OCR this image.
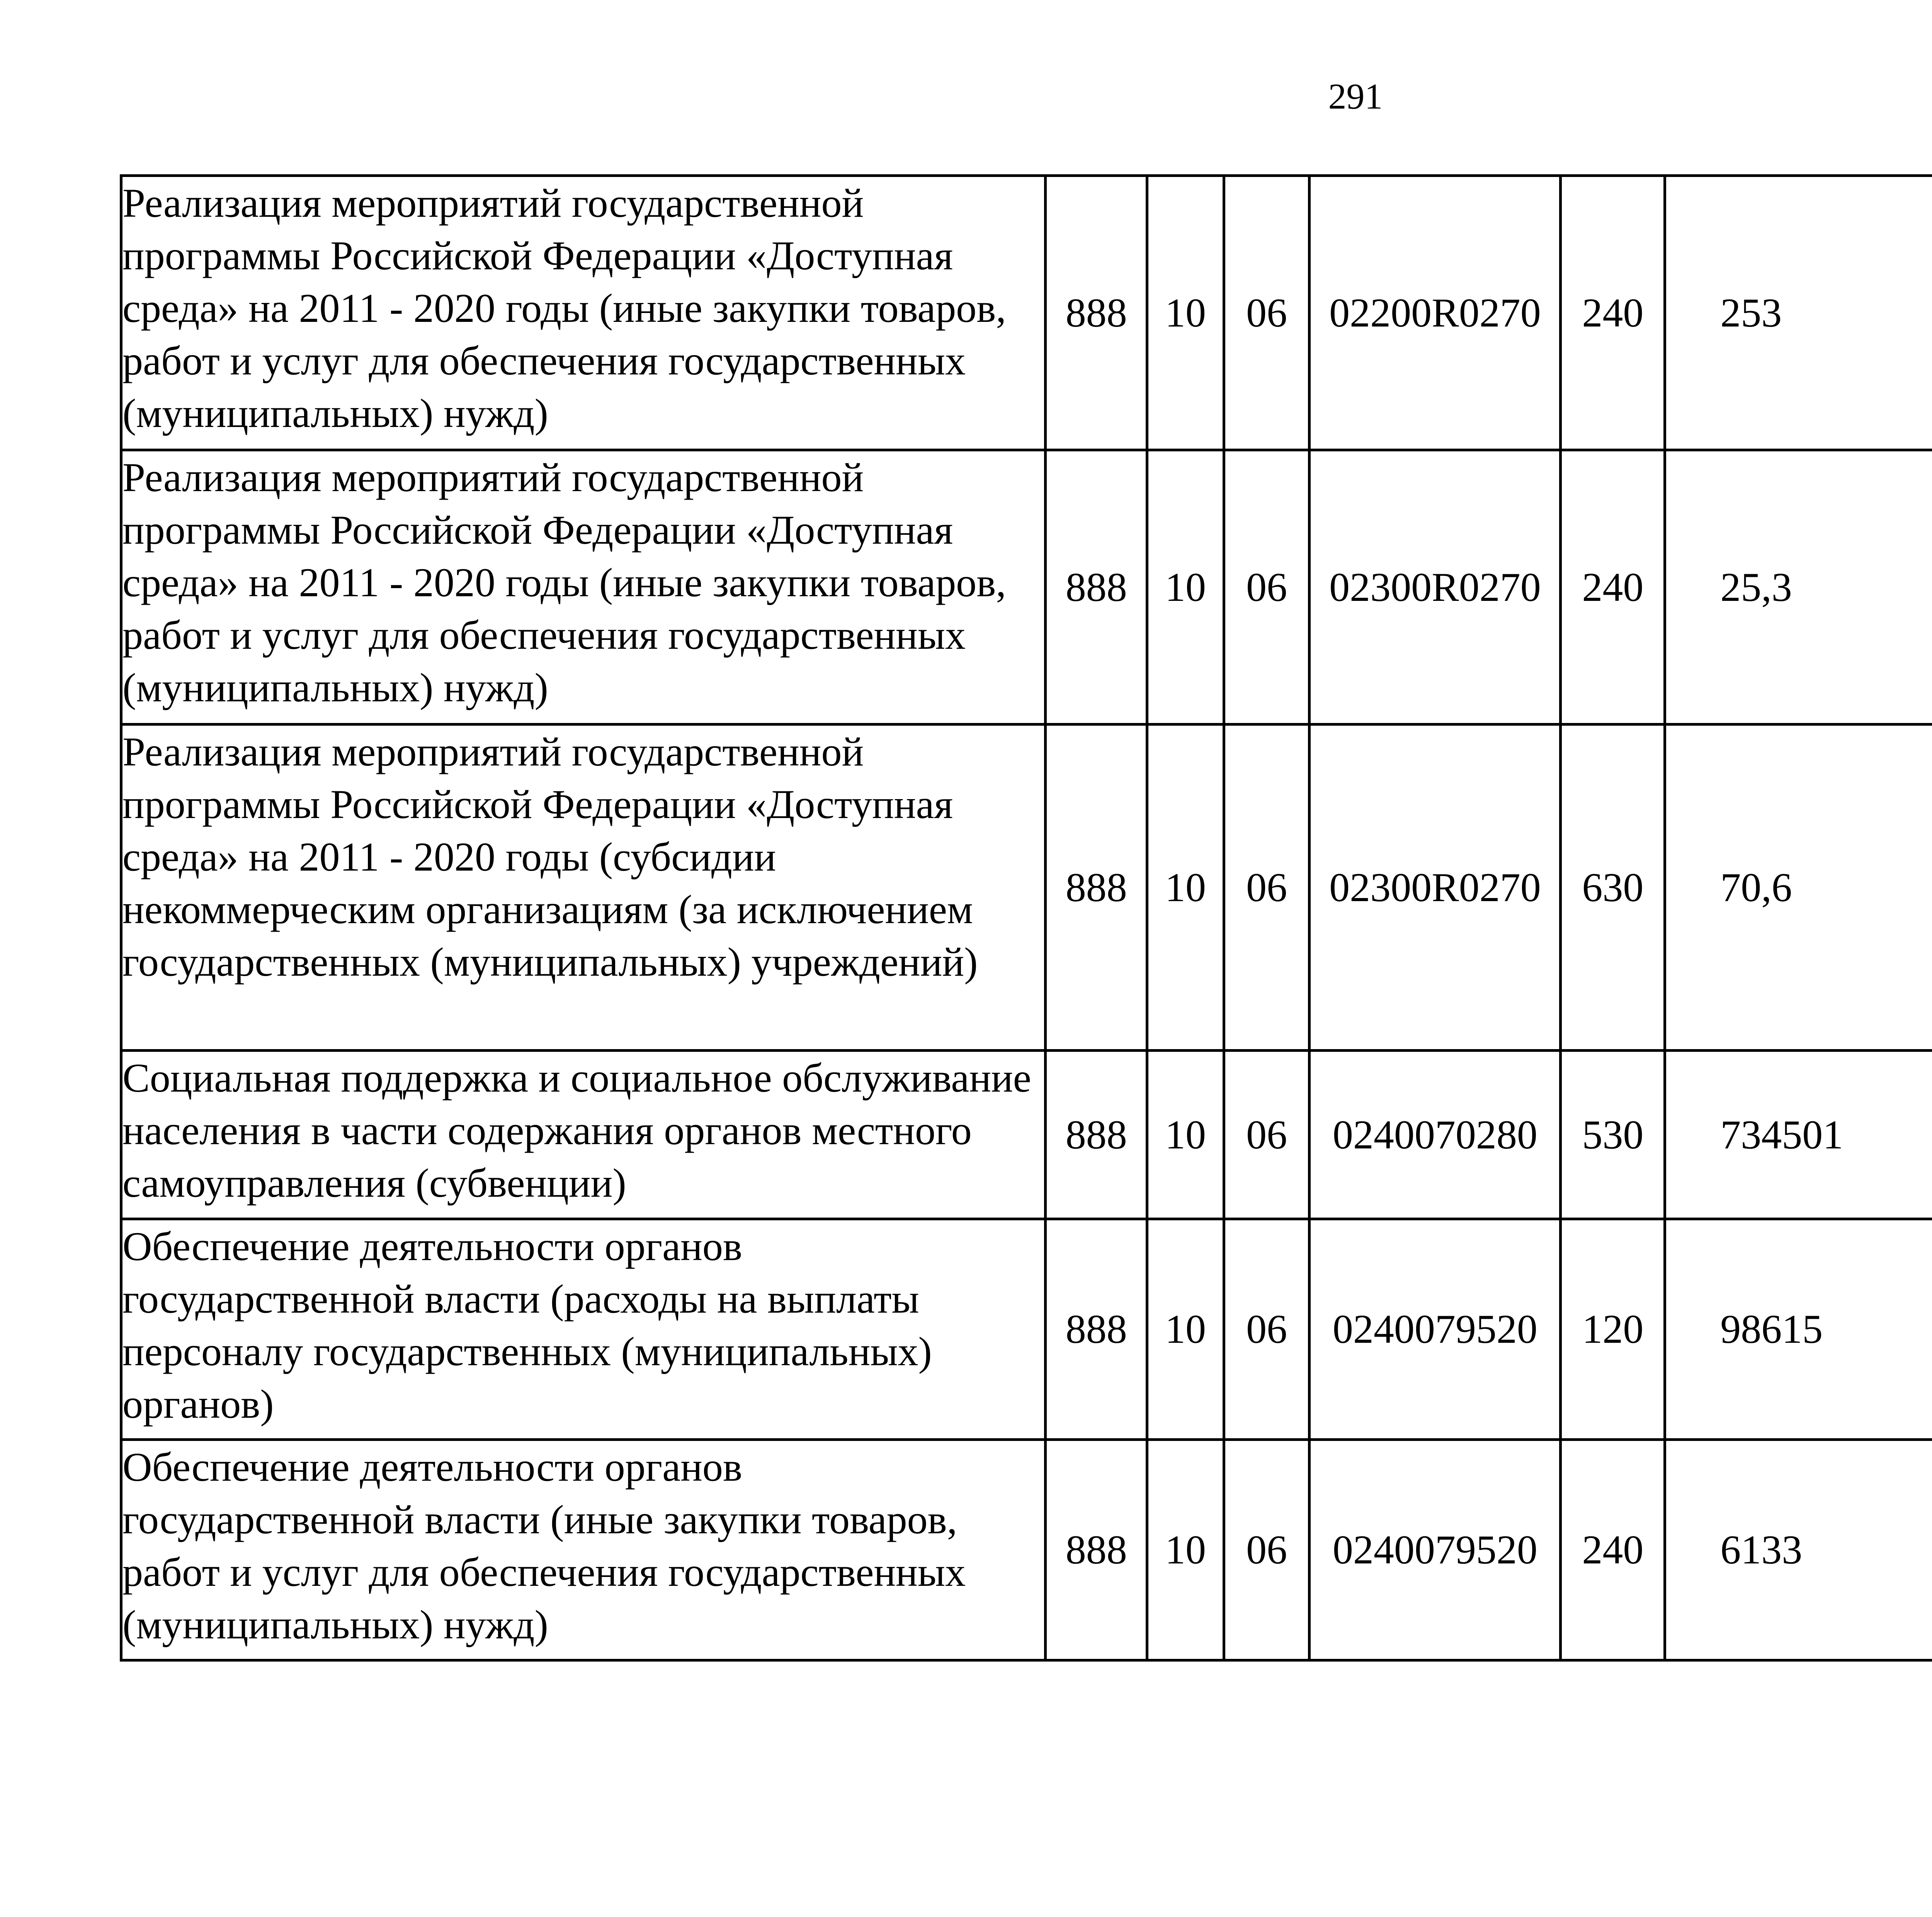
291
Реализация мероприятий государственной программы Российской Федерации «Доступная среда» на 2011 - 2020 годы (иные закупки товаров, работ и услуг для обеспечения государственных (муниципальных) нужд)	888	10	06	02200R0270	240	253		

Реализация мероприятий государственной программы Российской Федерации «Доступная среда» на 2011 - 2020 годы (иные закупки товаров, работ и услуг для обеспечения государственных (муниципальных) нужд)	888	10	06	02300R0270	240	25,3		

Реализация мероприятий государственной программы Российской Федерации «Доступная среда» на 2011 - 2020 годы (субсидии некоммерческим организациям (за исключением государственных (муниципальных) учреждений)	888	10	06	02300R0270	630	70,6		

Социальная поддержка и социальное обслуживание населения в части содержания органов местного самоуправления (субвенции)	888	10	06	0240070280	530	734501		

Обеспечение деятельности органов государственной власти (расходы на выплаты персоналу государственных (муниципальных) органов)	888	10	06	0240079520	120	98615		

Обеспечение деятельности органов государственной власти (иные закупки товаров, работ и услуг для обеспечения государственных (муниципальных) нужд)	888	10	06	0240079520	240	6133		
